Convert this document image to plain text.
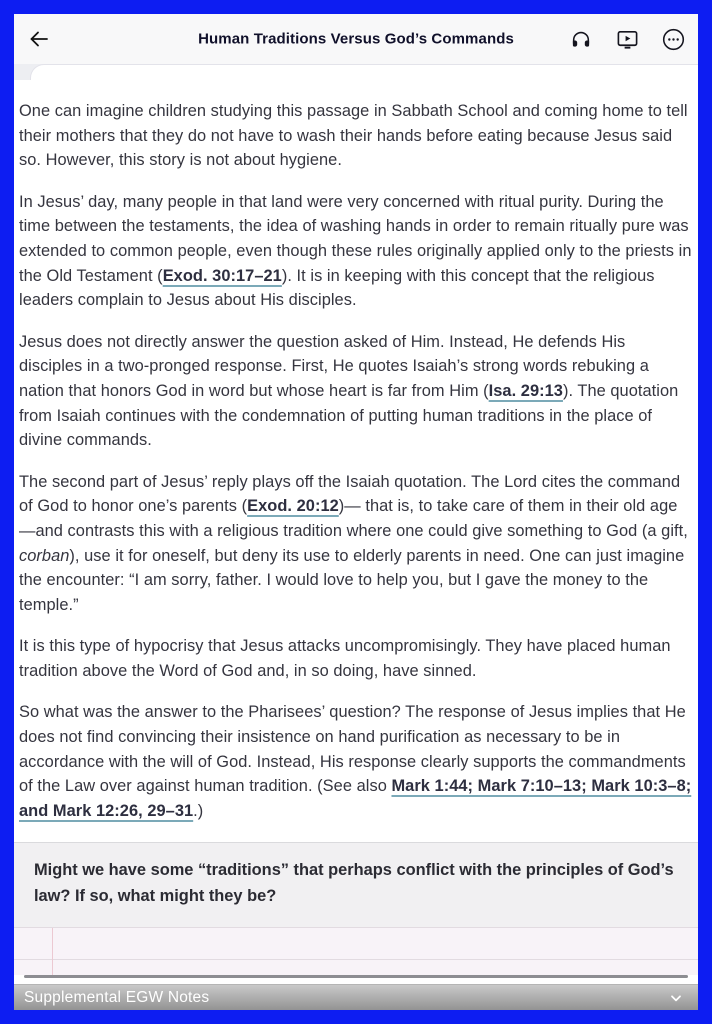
Human Traditions Versus God’s Commands

One can imagine children studying this passage in Sabbath School and coming home to tell their mothers that they do not have to wash their hands before eating because Jesus said so. However, this story is not about hygiene.

In Jesus’ day, many people in that land were very concerned with ritual purity. During the time between the testaments, the idea of washing hands in order to remain ritually pure was extended to common people, even though these rules originally applied only to the priests in the Old Testament (Exod. 30:17–21). It is in keeping with this concept that the religious leaders complain to Jesus about His disciples.

Jesus does not directly answer the question asked of Him. Instead, He defends His disciples in a two-pronged response. First, He quotes Isaiah’s strong words rebuking a nation that honors God in word but whose heart is far from Him (Isa. 29:13). The quotation from Isaiah continues with the condemnation of putting human traditions in the place of divine commands.

The second part of Jesus’ reply plays off the Isaiah quotation. The Lord cites the command of God to honor one’s parents (Exod. 20:12)— that is, to take care of them in their old age—and contrasts this with a religious tradition where one could give something to God (a gift, corban), use it for oneself, but deny its use to elderly parents in need. One can just imagine the encounter: “I am sorry, father. I would love to help you, but I gave the money to the temple.”

It is this type of hypocrisy that Jesus attacks uncompromisingly. They have placed human tradition above the Word of God and, in so doing, have sinned.

So what was the answer to the Pharisees’ question? The response of Jesus implies that He does not find convincing their insistence on hand purification as necessary to be in accordance with the will of God. Instead, His response clearly supports the commandments of the Law over against human tradition. (See also Mark 1:44; Mark 7:10–13; Mark 10:3–8; and Mark 12:26, 29–31.)

Might we have some “traditions” that perhaps conflict with the principles of God’s law? If so, what might they be?
Supplemental EGW Notes
